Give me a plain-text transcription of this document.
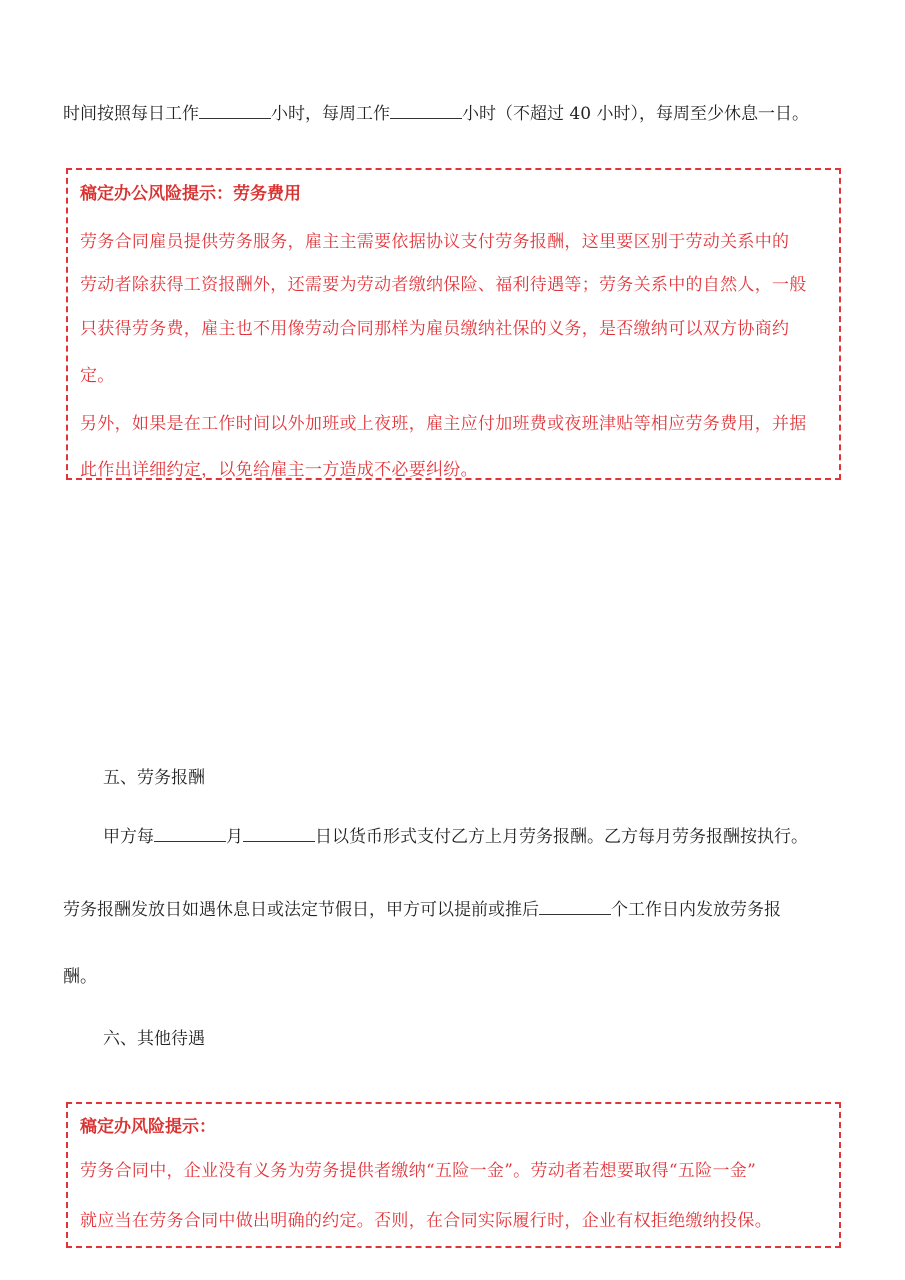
时间按照每日工作	小时，每周工作	小时（不超过 40 小时），每周至少休息一日。
稿定办公风险提示：劳务费用
劳务合同雇员提供劳务服务，雇主主需要依据协议支付劳务报酬，这里要区别于劳动关系中的
劳动者除获得工资报酬外，还需要为劳动者缴纳保险、福利待遇等；劳务关系中的自然人，一般
只获得劳务费，雇主也不用像劳动合同那样为雇员缴纳社保的义务，是否缴纳可以双方协商约
定。
另外，如果是在工作时间以外加班或上夜班，雇主应付加班费或夜班津贴等相应劳务费用，并据
此作出详细约定，以免给雇主一方造成不必要纠纷。
五、劳务报酬
甲方每	月	日以货币形式支付乙方上月劳务报酬。乙方每月劳务报酬按执行。
劳务报酬发放日如遇休息日或法定节假日，甲方可以提前或推后	个工作日内发放劳务报
酬。
六、其他待遇
稿定办风险提示：
劳务合同中，企业没有义务为劳务提供者缴纳“五险一金”。劳动者若想要取得“五险一金”
就应当在劳务合同中做出明确的约定。否则，在合同实际履行时，企业有权拒绝缴纳投保。
